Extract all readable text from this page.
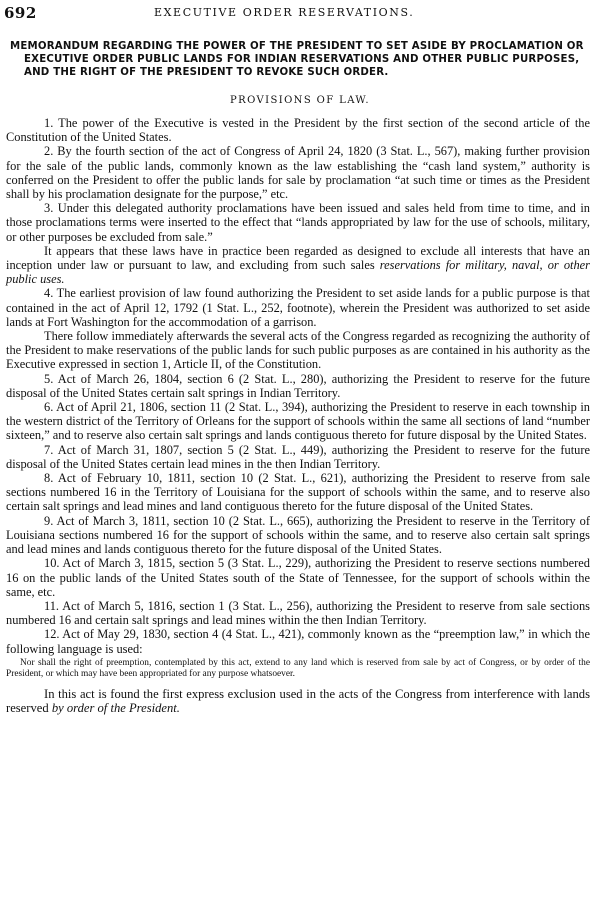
692	EXECUTIVE ORDER RESERVATIONS.
MEMORANDUM REGARDING THE POWER OF THE PRESIDENT TO SET ASIDE BY PROCLAMATION OR EXECUTIVE ORDER PUBLIC LANDS FOR INDIAN RESERVATIONS AND OTHER PUBLIC PURPOSES, AND THE RIGHT OF THE PRESIDENT TO REVOKE SUCH ORDER.
PROVISIONS OF LAW.

1. The power of the Executive is vested in the President by the first section of the second article of the Constitution of the United States.

2. By the fourth section of the act of Congress of April 24, 1820 (3 Stat. L., 567), making further provision for the sale of the public lands, commonly known as the law establishing the “cash land system,” authority is conferred on the President to offer the public lands for sale by proclamation “at such time or times as the President shall by his proclamation designate for the purpose,” etc.

3. Under this delegated authority proclamations have been issued and sales held from time to time, and in those proclamations terms were inserted to the effect that “lands appropriated by law for the use of schools, military, or other purposes be excluded from sale.”

It appears that these laws have in practice been regarded as designed to exclude all interests that have an inception under law or pursuant to law, and excluding from such sales reservations for military, naval, or other public uses.

4. The earliest provision of law found authorizing the President to set aside lands for a public purpose is that contained in the act of April 12, 1792 (1 Stat. L., 252, footnote), wherein the President was authorized to set aside lands at Fort Washington for the accommodation of a garrison.

There follow immediately afterwards the several acts of the Congress regarded as recognizing the authority of the President to make reservations of the public lands for such public purposes as are contained in his authority as the Executive expressed in section 1, Article II, of the Constitution.

5. Act of March 26, 1804, section 6 (2 Stat. L., 280), authorizing the President to reserve for the future disposal of the United States certain salt springs in Indian Territory.

6. Act of April 21, 1806, section 11 (2 Stat. L., 394), authorizing the President to reserve in each township in the western district of the Territory of Orleans for the support of schools within the same all sections of land “number sixteen,” and to reserve also certain salt springs and lands contiguous thereto for future disposal by the United States.

7. Act of March 31, 1807, section 5 (2 Stat. L., 449), authorizing the President to reserve for the future disposal of the United States certain lead mines in the then Indian Territory.

8. Act of February 10, 1811, section 10 (2 Stat. L., 621), authorizing the President to reserve from sale sections numbered 16 in the Territory of Louisiana for the support of schools within the same, and to reserve also certain salt springs and lead mines and land contiguous thereto for the future disposal of the United States.

9. Act of March 3, 1811, section 10 (2 Stat. L., 665), authorizing the President to reserve in the Territory of Louisiana sections numbered 16 for the support of schools within the same, and to reserve also certain salt springs and lead mines and lands contiguous thereto for the future disposal of the United States.

10. Act of March 3, 1815, section 5 (3 Stat. L., 229), authorizing the President to reserve sections numbered 16 on the public lands of the United States south of the State of Tennessee, for the support of schools within the same, etc.

11. Act of March 5, 1816, section 1 (3 Stat. L., 256), authorizing the President to reserve from sale sections numbered 16 and certain salt springs and lead mines within the then Indian Territory.

12. Act of May 29, 1830, section 4 (4 Stat. L., 421), commonly known as the “preemption law,” in which the following language is used:

Nor shall the right of preemption, contemplated by this act, extend to any land which is reserved from sale by act of Congress, or by order of the President, or which may have been appropriated for any purpose whatsoever.

In this act is found the first express exclusion used in the acts of the Congress from interference with lands reserved by order of the President.
